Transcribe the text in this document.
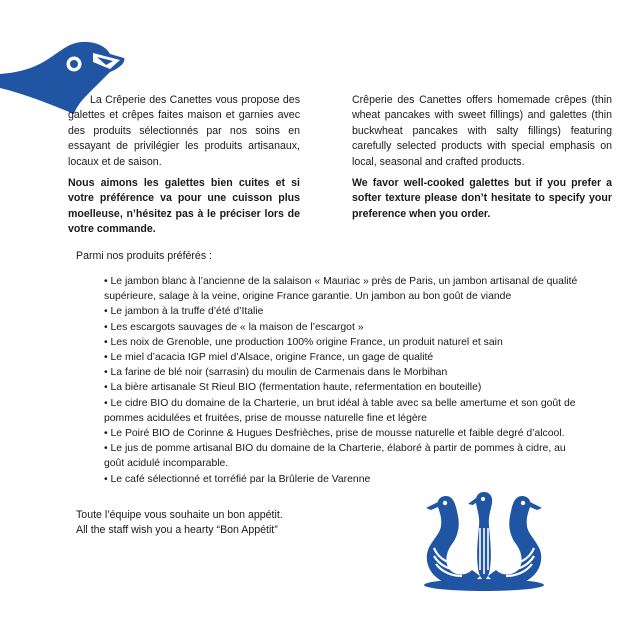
La Crêperie des Canettes vous propose des galettes et crêpes faites maison et garnies avec des produits sélectionnés par nos soins en essayant de privilégier les produits artisanaux, locaux et de saison.

Nous aimons les galettes bien cuites et si votre préférence va pour une cuisson plus moelleuse, n’hésitez pas à le préciser lors de votre commande.

Crêperie des Canettes offers homemade crêpes (thin wheat pancakes with sweet fillings) and galettes (thin buckwheat pancakes with salty fillings) featuring carefully selected products with special emphasis on local, seasonal and crafted products.

We favor well-cooked galettes but if you prefer a softer texture please don’t hesitate to specify your preference when you order.

Parmi nos produits préférés :
• Le jambon blanc à l’ancienne de la salaison « Mauriac » près de Paris, un jambon artisanal de qualité supérieure, salage à la veine, origine France garantie. Un jambon au bon goût de viande
• Le jambon à la truffe d’été d’Italie
• Les escargots sauvages de « la maison de l’escargot »
• Les noix de Grenoble, une production 100% origine France, un produit naturel et sain
• Le miel d’acacia IGP miel d’Alsace, origine France, un gage de qualité
• La farine de blé noir (sarrasin) du moulin de Carmenais dans le Morbihan
• La bière artisanale St Rieul BIO (fermentation haute, refermentation en bouteille)
• Le cidre BIO du domaine de la Charterie, un brut idéal à table avec sa belle amertume et son goût de pommes acidulées et fruitées, prise de mousse naturelle fine et légère
• Le Poiré BIO de Corinne & Hugues Desfrièches, prise de mousse naturelle et faible degré d’alcool.
• Le jus de pomme artisanal BIO du domaine de la Charterie, élaboré à partir de pommes à cidre, au goût acidulé incomparable.
• Le café sélectionné et torréfié par la Brûlerie de Varenne
Toute l’équipe vous souhaite un bon appétit.
All the staff wish you a hearty “Bon Appétit”
